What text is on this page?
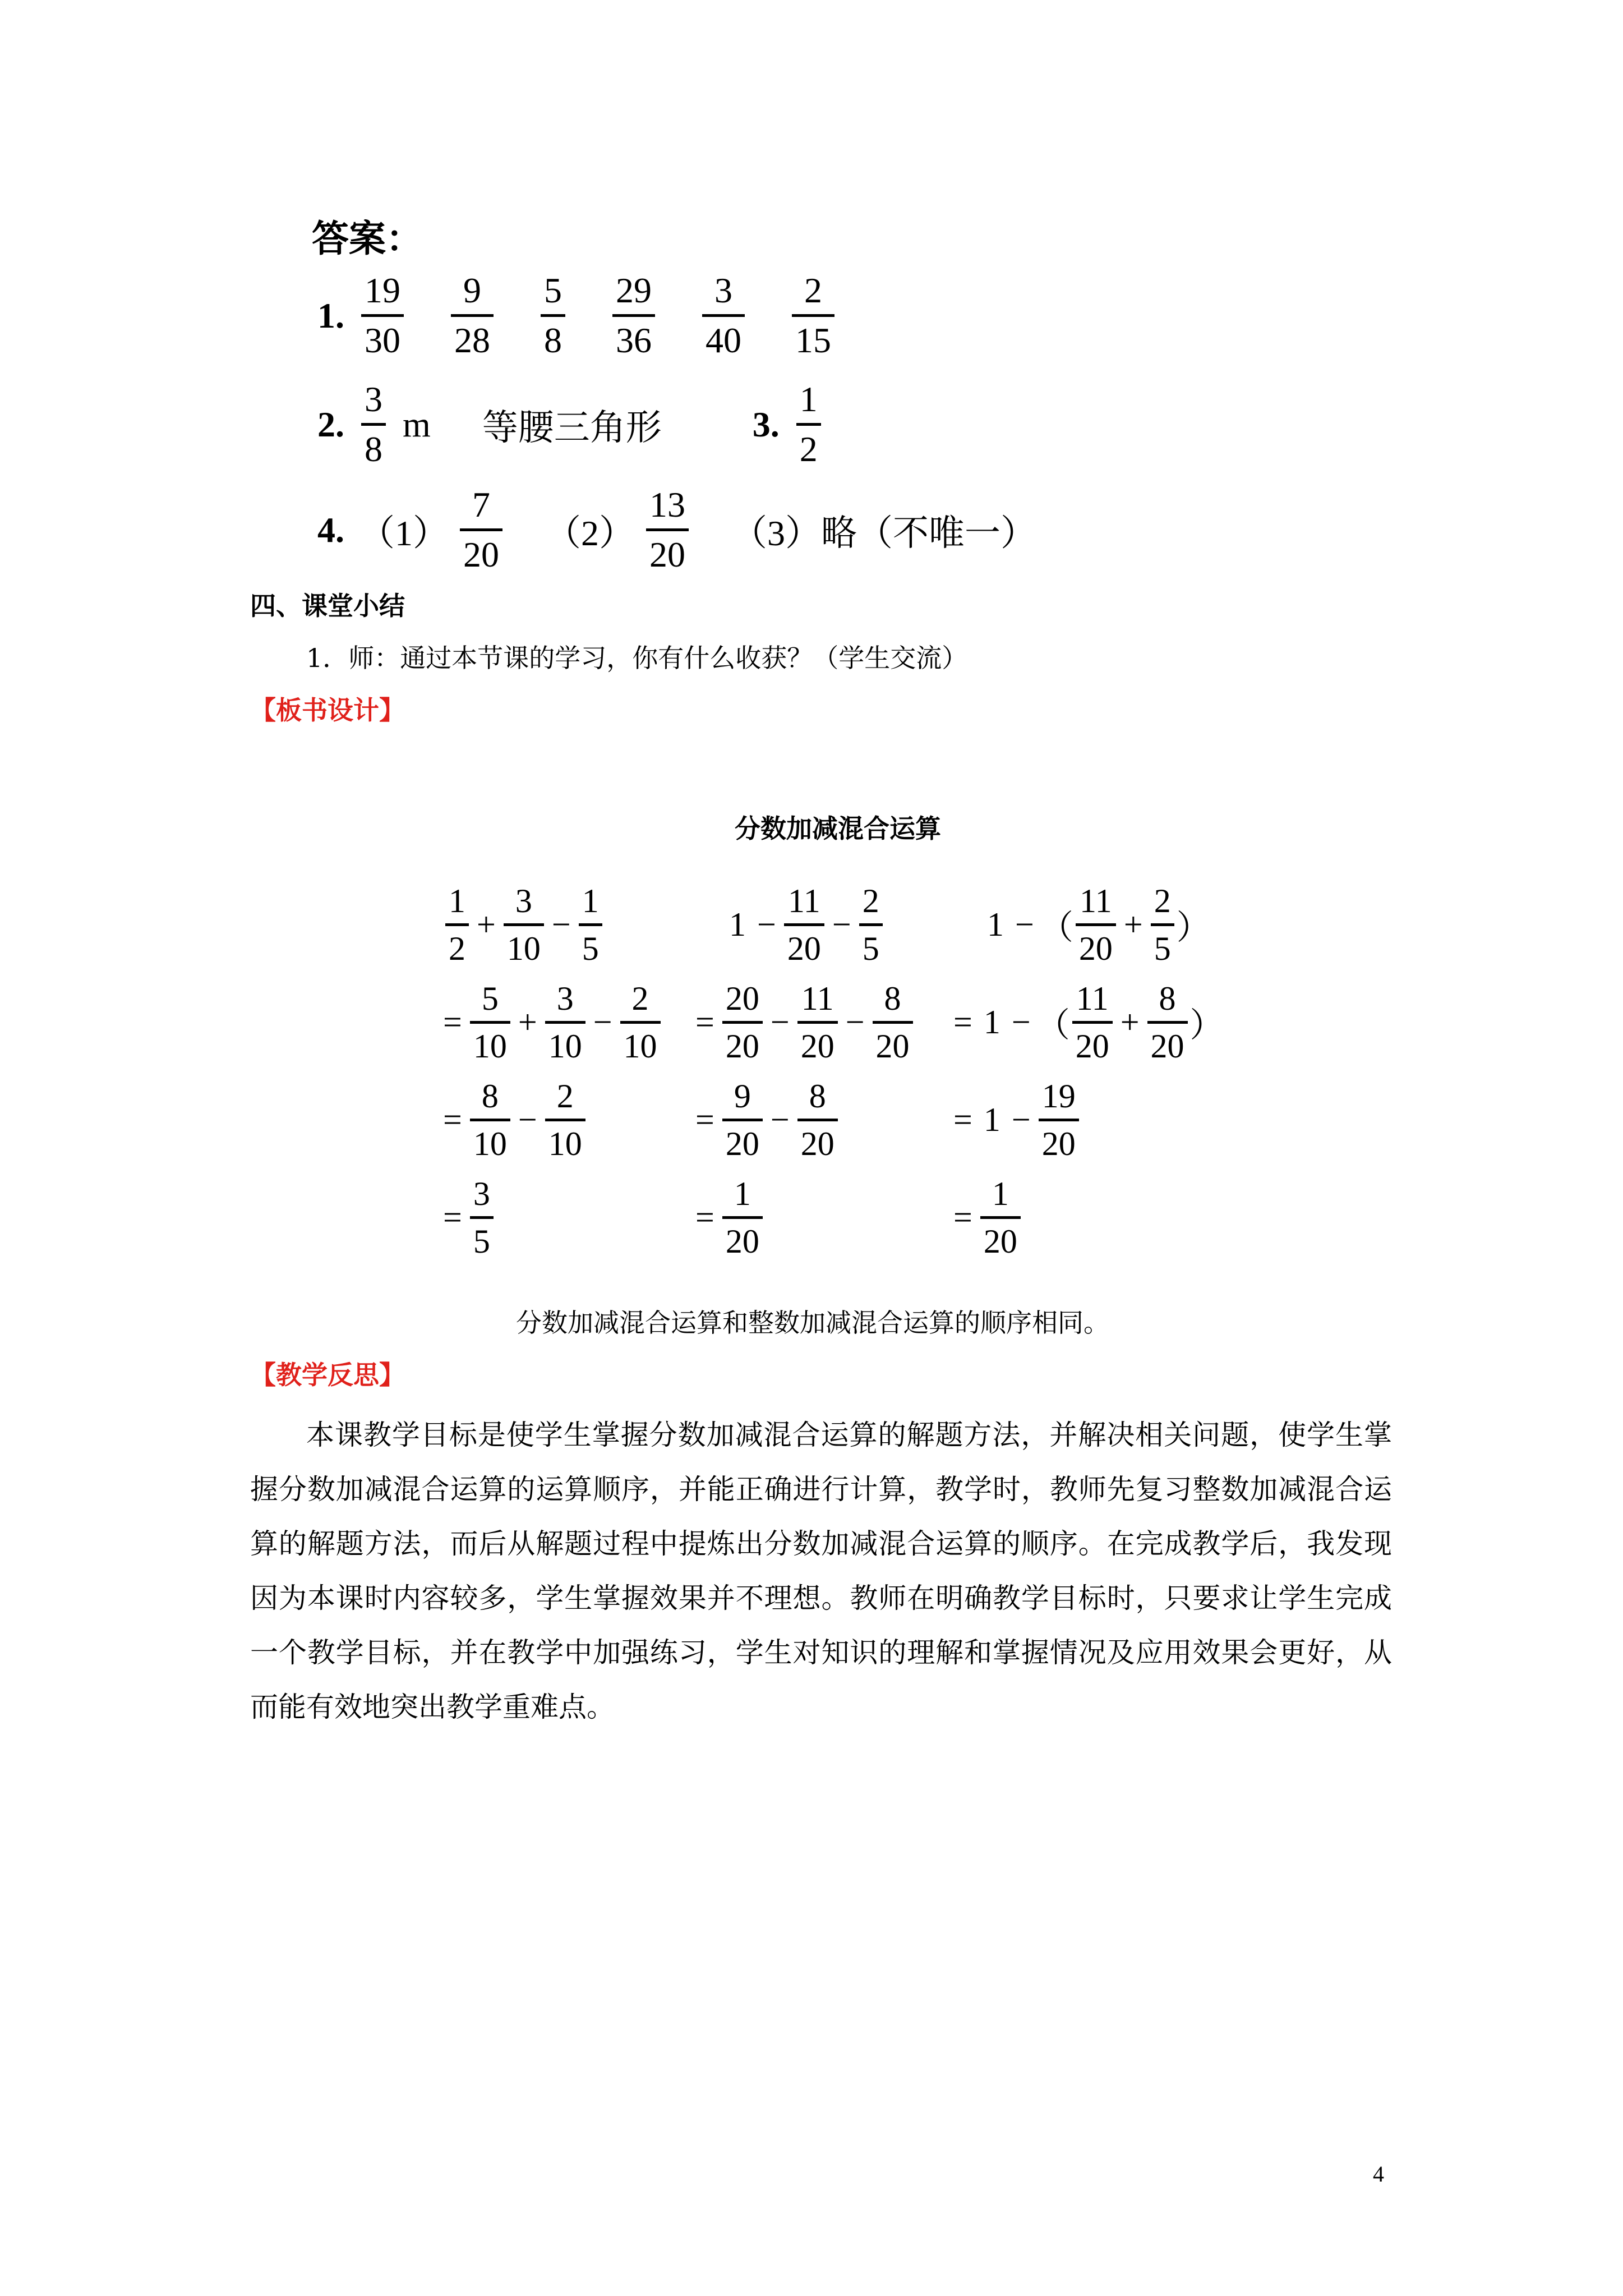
答案：
1. $\frac{19}{30}$
$\frac{9}{28}$
$\frac{5}{8}$
$\frac{29}{36}$
$\frac{3}{40}$
$\frac{2}{15}$
2. $\frac{3}{8}$ m 等腰三角形	3. $\frac{1}{2}$
4. $(1) \frac{7}{20} (2) \frac{13}{20} (3)$略（不唯一）
四、课堂小结
1．师：通过本节课的学习，你有什么收获？（学生交流）
【板书设计】
分数加减混合运算
$\frac{1}{2} + \frac{3}{10} - \frac{1}{5}$
= $\frac{5}{10} + \frac{3}{10} - \frac{2}{10}$
= $\frac{8}{10} - \frac{2}{10}$
= $\frac{3}{5}$
$1 - \frac{11}{20} - \frac{2}{5}$
= $\frac{20}{20} - \frac{11}{20} - \frac{8}{20}$
= $\frac{9}{20} - \frac{8}{20}$
= $\frac{1}{20}$
1 − （ $\frac{11}{20} + \frac{2}{5}$ ）
= 1 − （ $\frac{11}{20} + \frac{8}{20}$ ）
= $1 - \frac{19}{20}$
= $\frac{1}{20}$
分数加减混合运算和整数加减混合运算的顺序相同。
【教学反思】
本课教学目标是使学生掌握分数加减混合运算的解题方法，并解决相关问题，使学生掌握分数加减混合运算的运算顺序，并能正确进行计算，教学时，教师先复习整数加减混合运算的解题方法，而后从解题过程中提炼出分数加减混合运算的顺序。在完成教学后，我发现因为本课时内容较多，学生掌握效果并不理想。教师在明确教学目标时，只要求让学生完成一个教学目标，并在教学中加强练习，学生对知识的理解和掌握情况及应用效果会更好，从而能有效地突出教学重难点。
4
